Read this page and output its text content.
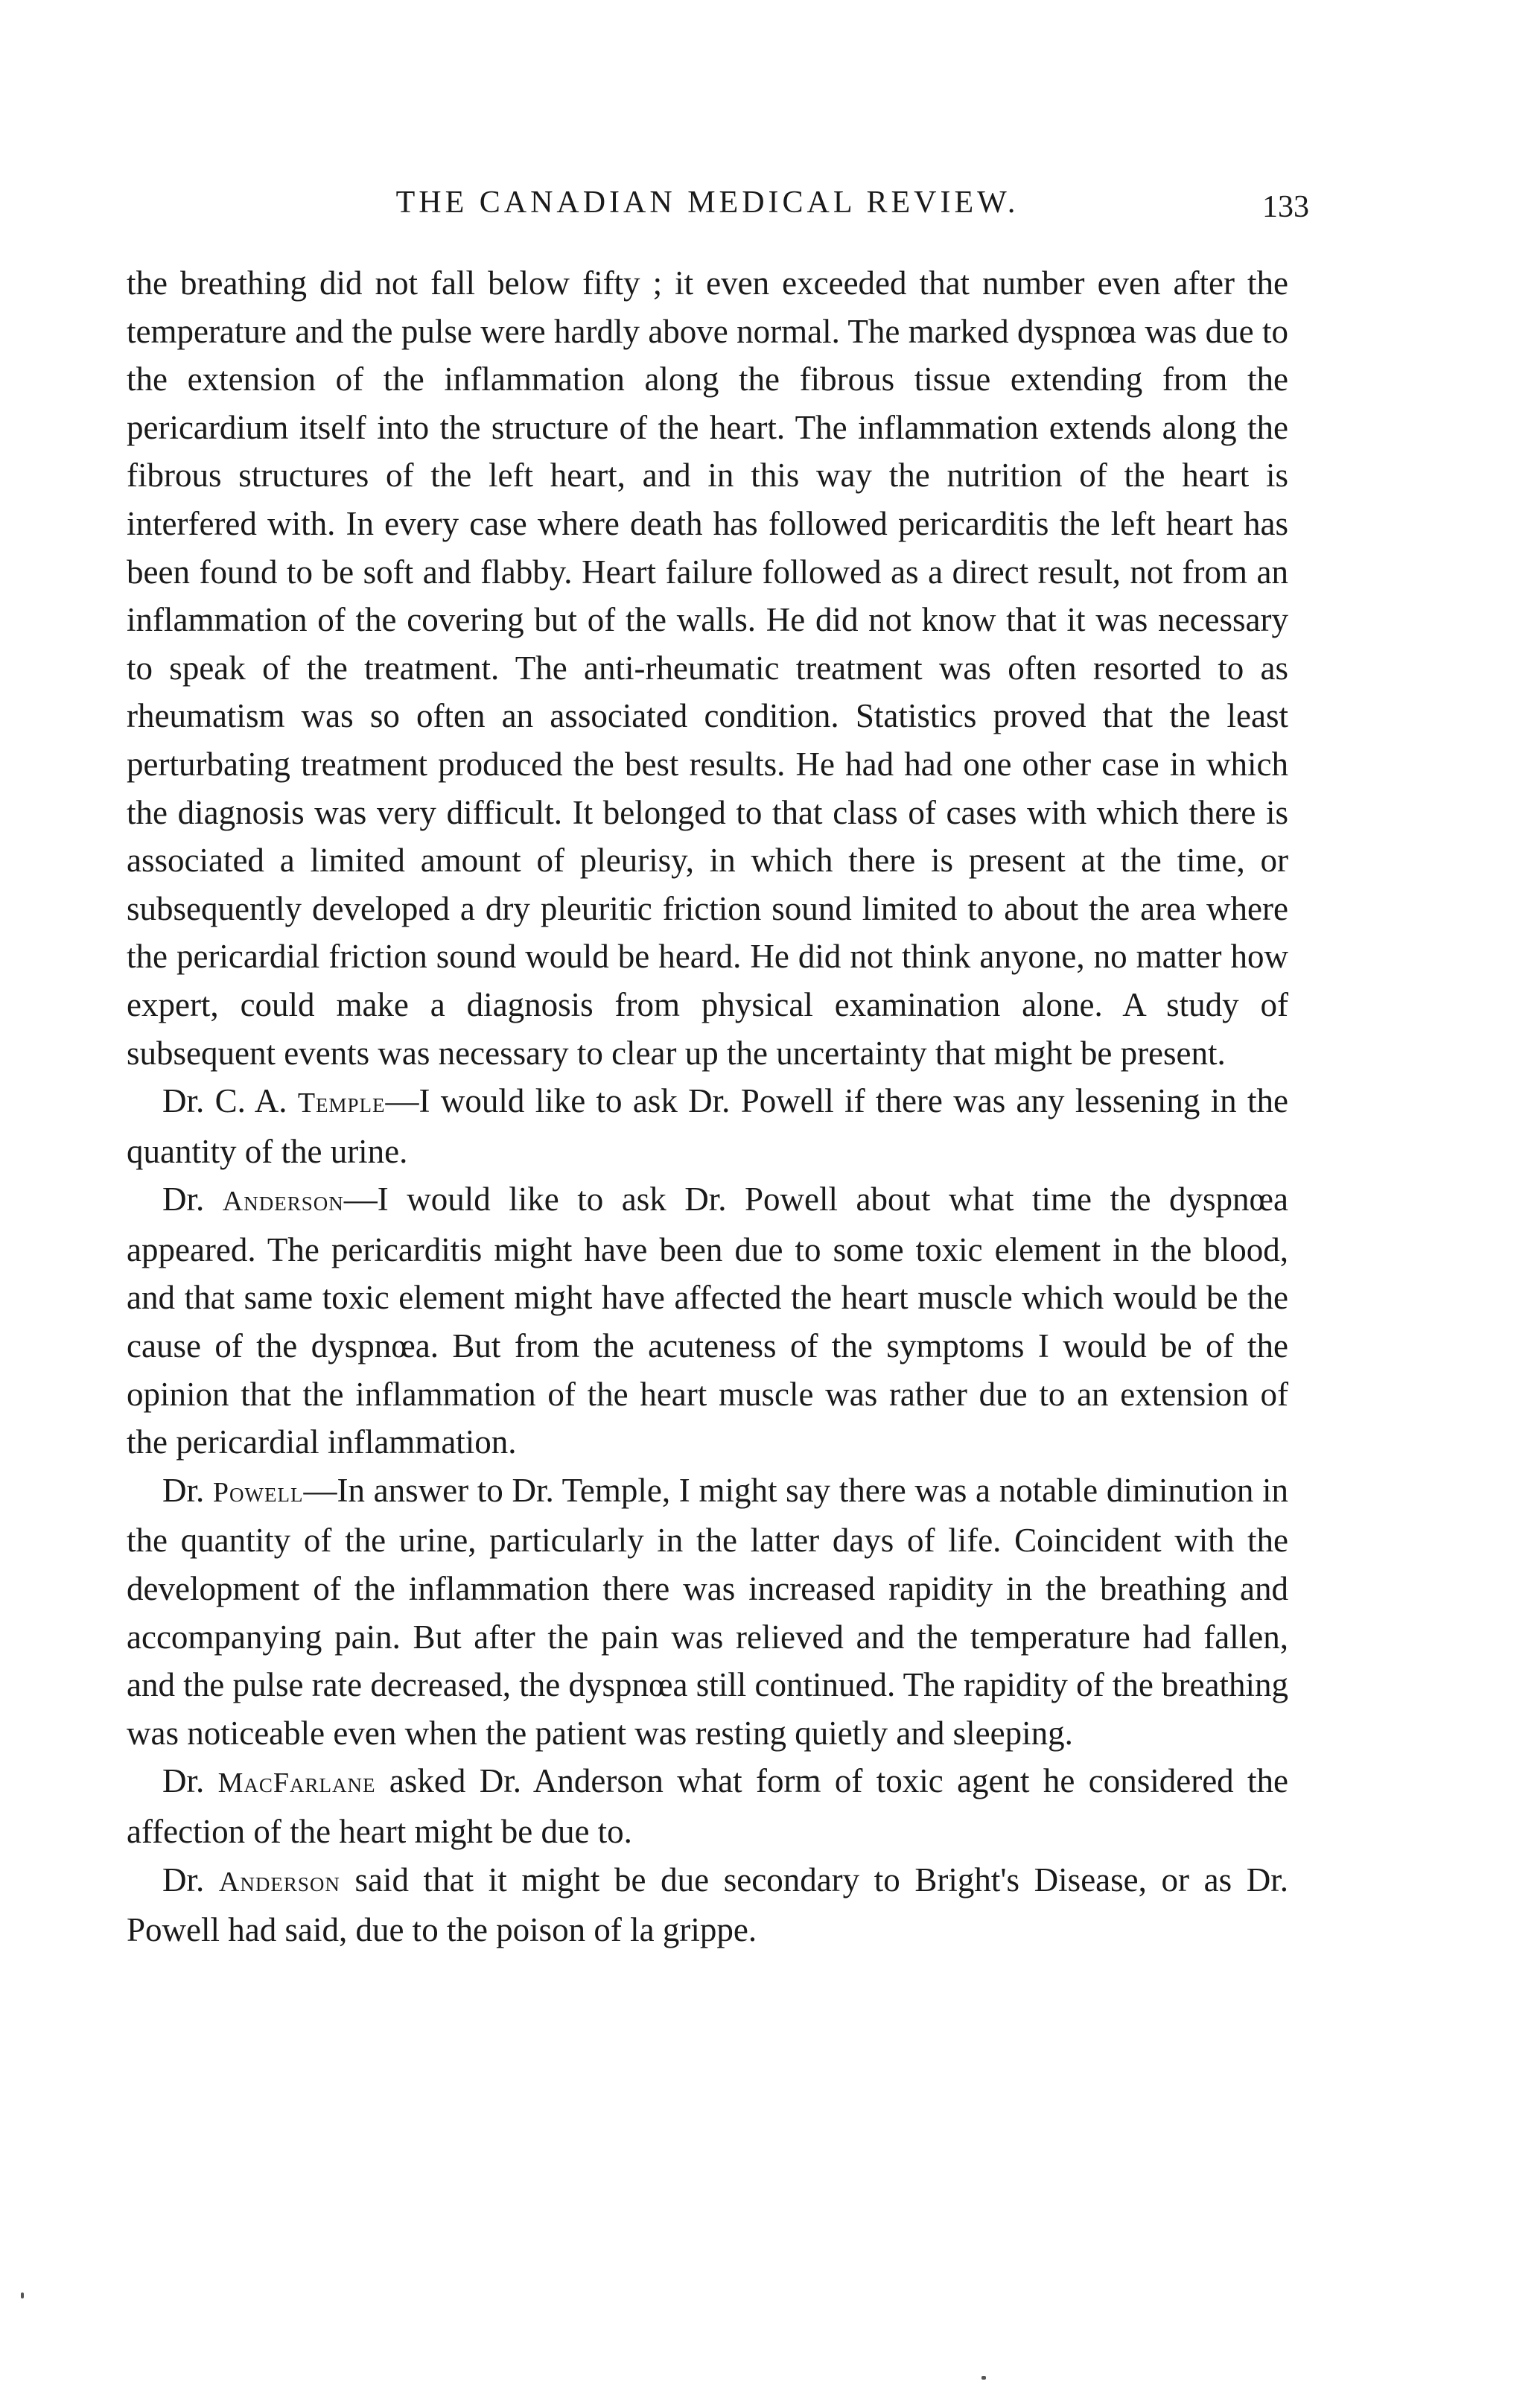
THE CANADIAN MEDICAL REVIEW.	133

the breathing did not fall below fifty ; it even exceeded that number even after the temperature and the pulse were hardly above normal. The marked dyspnœa was due to the extension of the inflammation along the fibrous tissue extending from the pericardium itself into the structure of the heart. The inflammation extends along the fibrous structures of the left heart, and in this way the nutrition of the heart is interfered with. In every case where death has followed pericarditis the left heart has been found to be soft and flabby. Heart failure followed as a direct result, not from an inflammation of the covering but of the walls. He did not know that it was necessary to speak of the treatment. The anti-rheumatic treatment was often resorted to as rheumatism was so often an associated condition. Statistics proved that the least perturbating treatment produced the best results. He had had one other case in which the diagnosis was very difficult. It belonged to that class of cases with which there is associated a limited amount of pleurisy, in which there is present at the time, or subsequently developed a dry pleuritic friction sound limited to about the area where the pericardial friction sound would be heard. He did not think anyone, no matter how expert, could make a diagnosis from physical examination alone. A study of subsequent events was necessary to clear up the uncertainty that might be present.

Dr. C. A. Temple—I would like to ask Dr. Powell if there was any lessening in the quantity of the urine.

Dr. Anderson—I would like to ask Dr. Powell about what time the dyspnœa appeared. The pericarditis might have been due to some toxic element in the blood, and that same toxic element might have affected the heart muscle which would be the cause of the dyspnœa. But from the acuteness of the symptoms I would be of the opinion that the inflammation of the heart muscle was rather due to an extension of the pericardial inflammation.

Dr. Powell—In answer to Dr. Temple, I might say there was a notable diminution in the quantity of the urine, particularly in the latter days of life. Coincident with the development of the inflammation there was increased rapidity in the breathing and accompanying pain. But after the pain was relieved and the temperature had fallen, and the pulse rate decreased, the dyspnœa still continued. The rapidity of the breathing was noticeable even when the patient was resting quietly and sleeping.

Dr. MacFarlane asked Dr. Anderson what form of toxic agent he considered the affection of the heart might be due to.

Dr. Anderson said that it might be due secondary to Bright's Disease, or as Dr. Powell had said, due to the poison of la grippe.
